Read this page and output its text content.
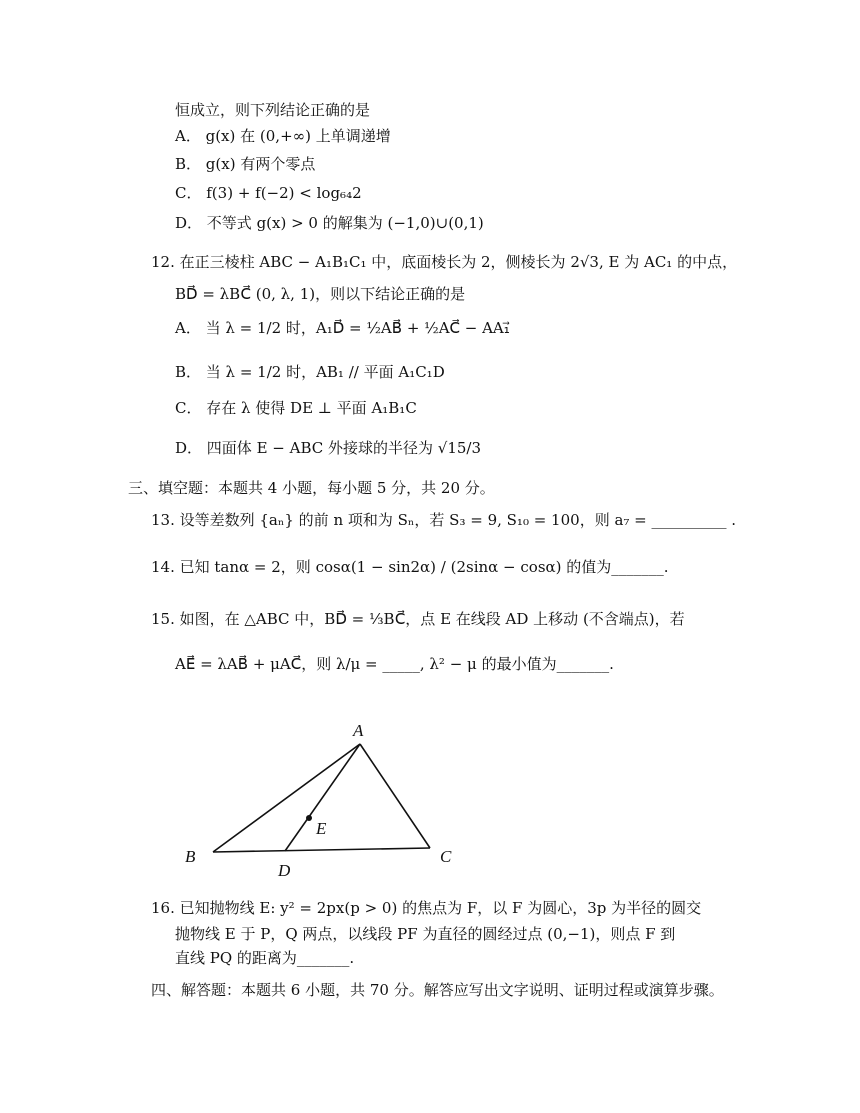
恒成立，则下列结论正确的是
A． g(x) 在 (0,+∞) 上单调递增
B． g(x) 有两个零点
C． f(3) + f(−2) < log₆₄2
D． 不等式 g(x) > 0 的解集为 (−1,0)∪(0,1)
12. 在正三棱柱 ABC − A₁B₁C₁ 中，底面棱长为 2，侧棱长为 2√3, E 为 AC₁ 的中点，
BD⃗ = λBC⃗ (0, λ, 1)，则以下结论正确的是
A． 当 λ = 1/2 时，A₁D⃗ = ½AB⃗ + ½AC⃗ − AA₁⃗
B． 当 λ = 1/2 时，AB₁ // 平面 A₁C₁D
C． 存在 λ 使得 DE ⊥ 平面 A₁B₁C
D． 四面体 E − ABC 外接球的半径为 √15/3
三、填空题：本题共 4 小题，每小题 5 分，共 20 分。
13. 设等差数列 {aₙ} 的前 n 项和为 Sₙ，若 S₃ = 9, S₁₀ = 100，则 a₇ = __________ .
14. 已知 tanα = 2，则 cosα(1 − sin2α) / (2sinα − cosα) 的值为_______.
15. 如图，在 △ABC 中，BD⃗ = ⅓BC⃗，点 E 在线段 AD 上移动 (不含端点)，若
AE⃗ = λAB⃗ + μAC⃗，则 λ/μ = _____, λ² − μ 的最小值为_______.
A
B	C
D
E
16. 已知抛物线 E: y² = 2px(p > 0) 的焦点为 F，以 F 为圆心，3p 为半径的圆交
抛物线 E 于 P，Q 两点，以线段 PF 为直径的圆经过点 (0,−1)，则点 F 到
直线 PQ 的距离为_______.
四、解答题：本题共 6 小题，共 70 分。解答应写出文字说明、证明过程或演算步骤。
